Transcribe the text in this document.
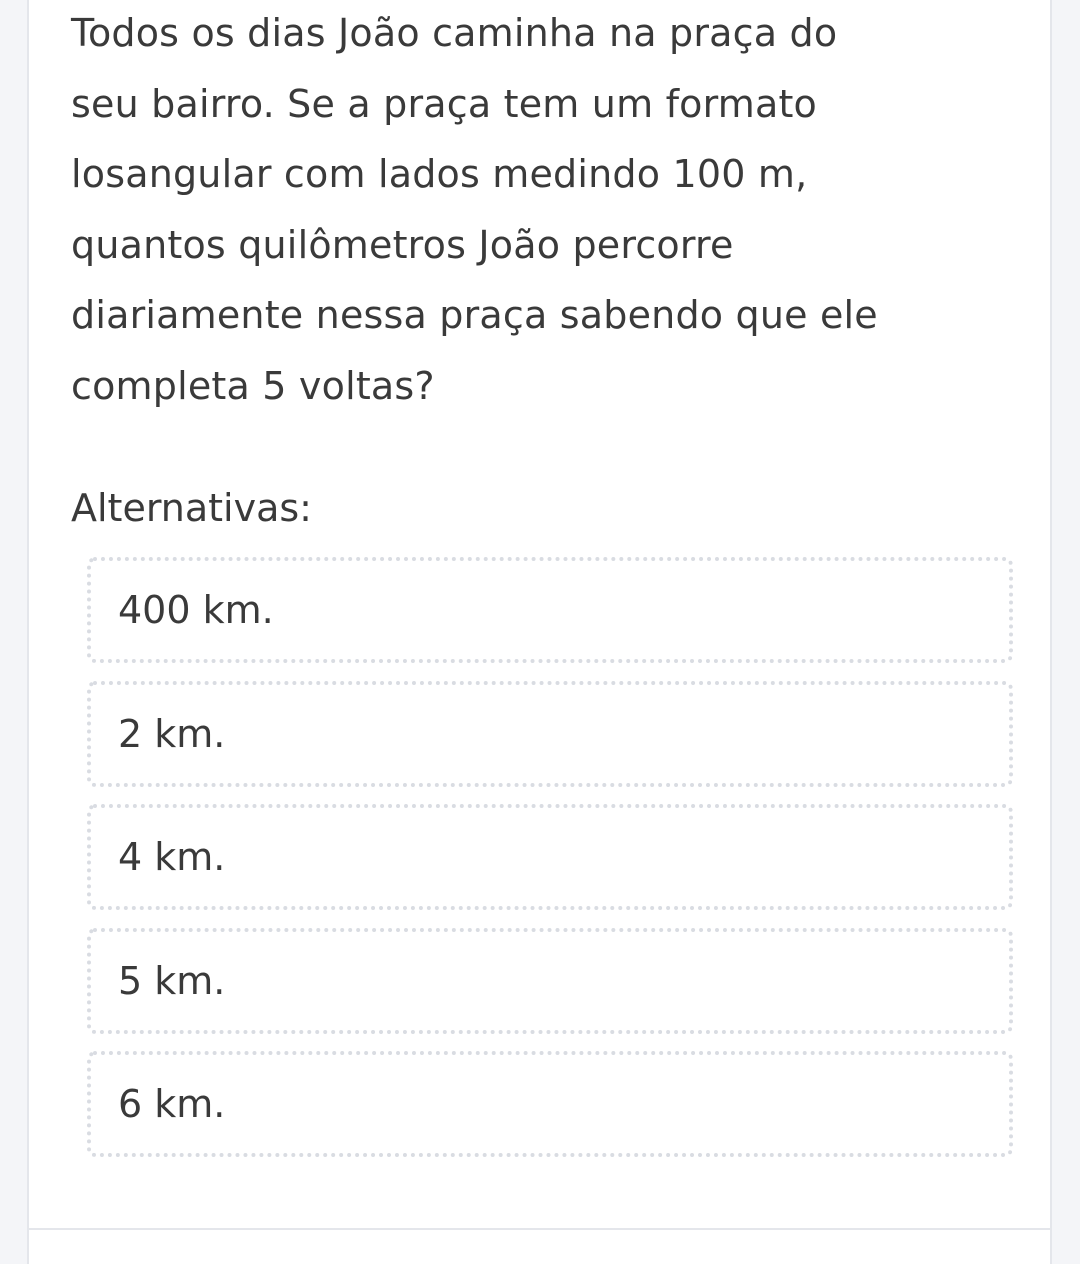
Todos os dias João caminha na praça do
seu bairro. Se a praça tem um formato
losangular com lados medindo 100 m,
quantos quilômetros João percorre
diariamente nessa praça sabendo que ele
completa 5 voltas?

Alternativas:

400 km.
2 km.
4 km.
5 km.
6 km.
